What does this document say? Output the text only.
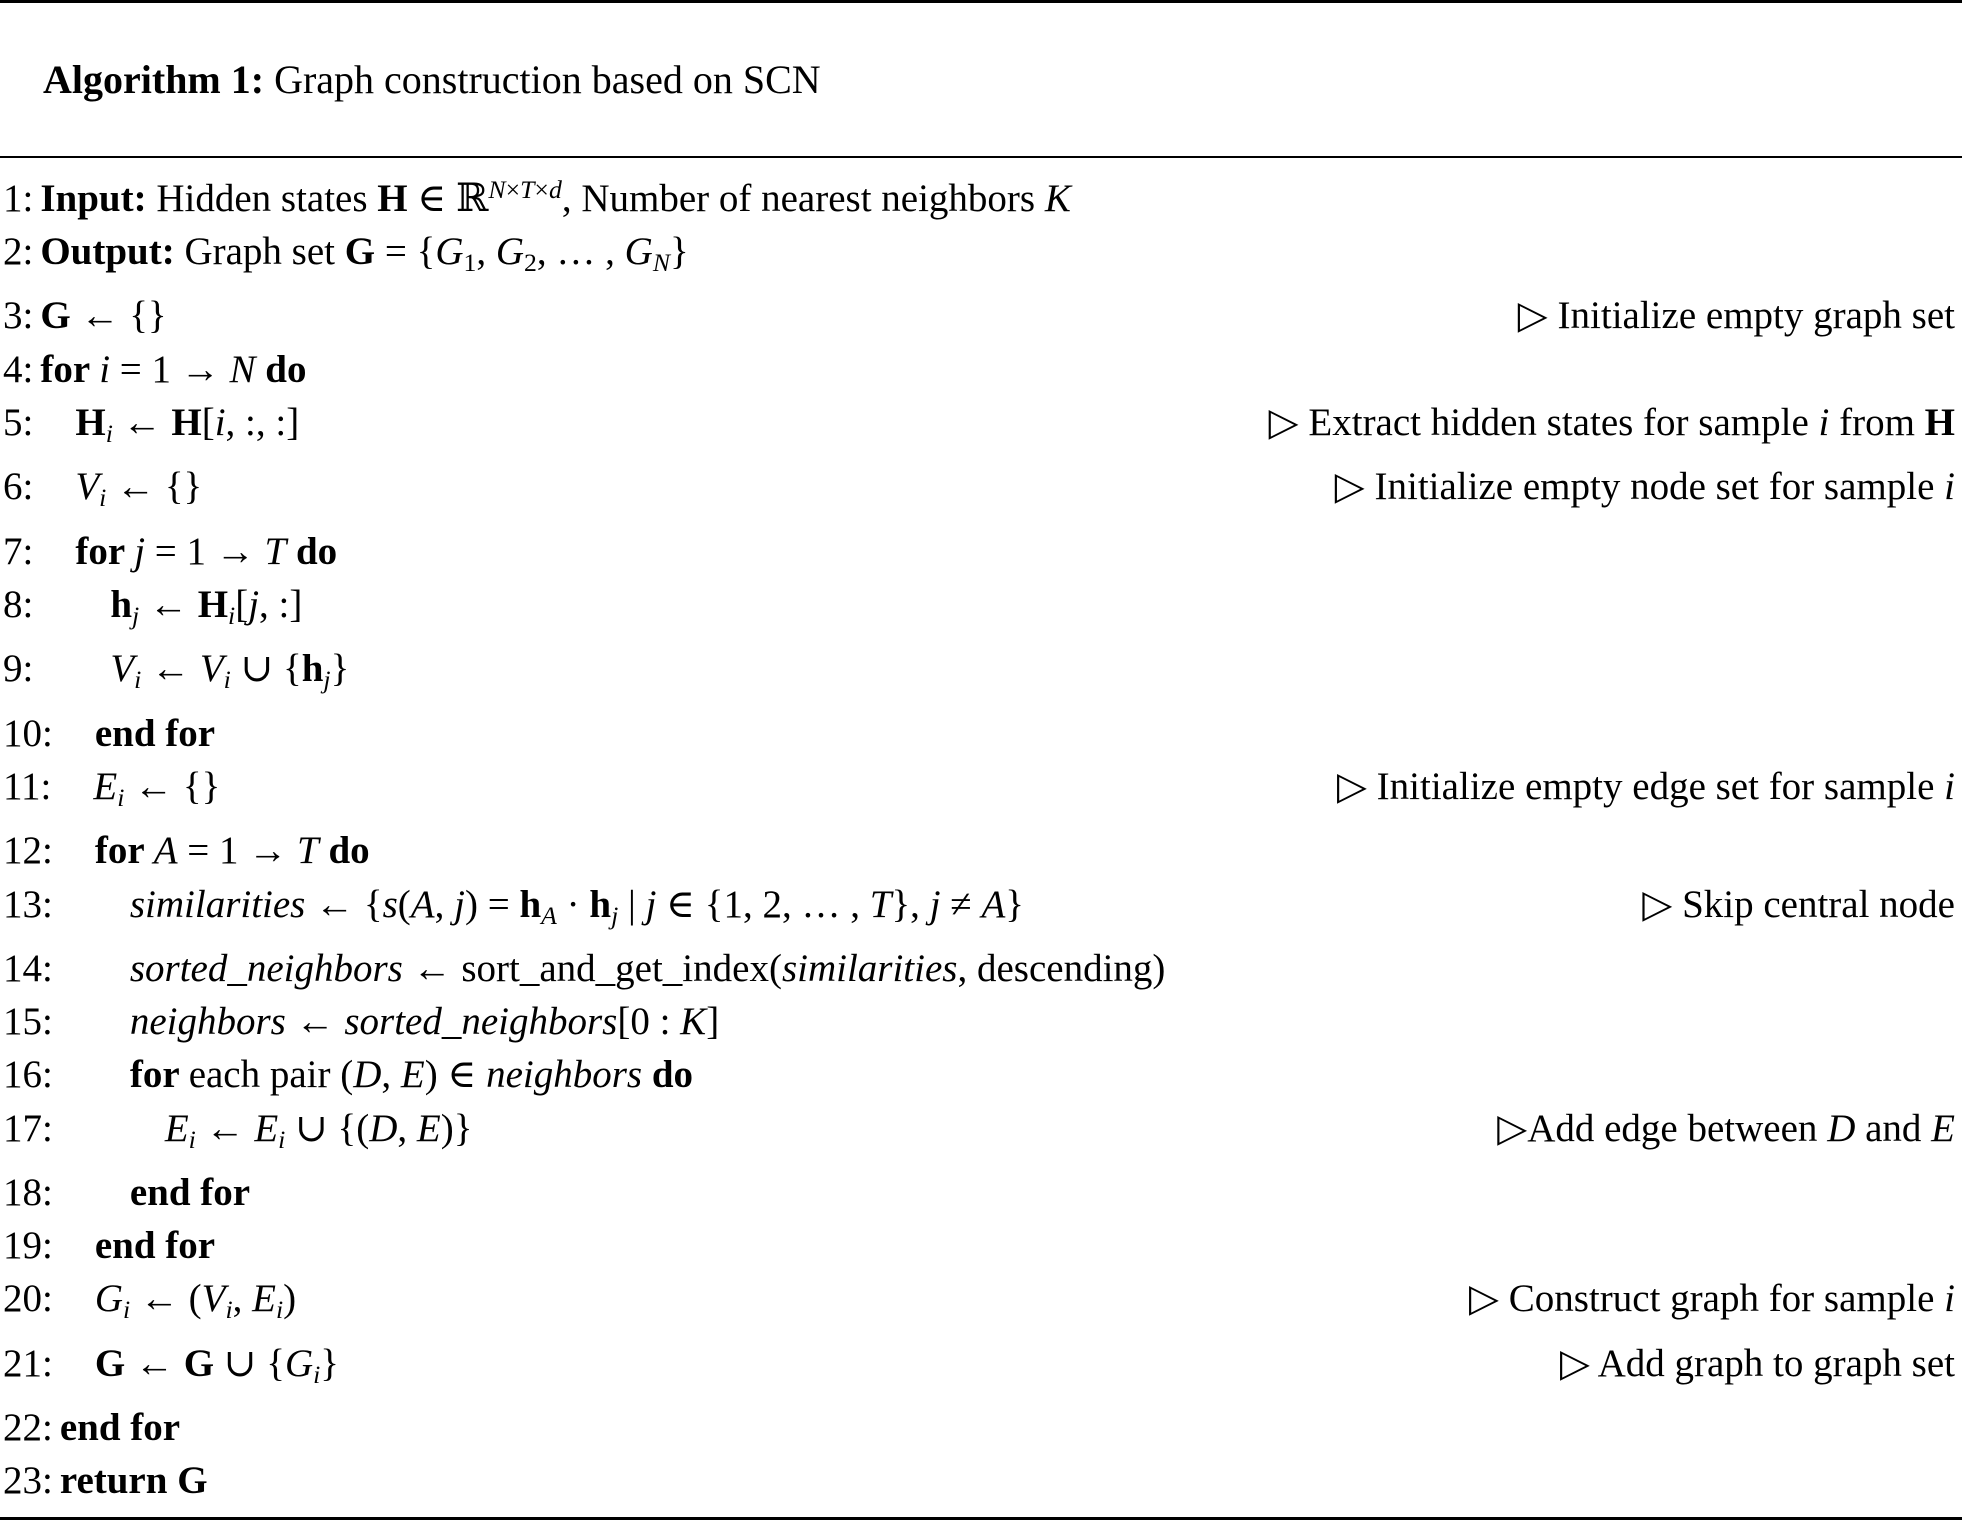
Algorithm 1: Graph construction based on SCN

1: Input: Hidden states H ∈ ℝ$^{N\times T\times d}$, Number of nearest neighbors K
2: Output: Graph set G = {G1, G2, … , GN}
3: G ← {}	▷ Initialize empty graph set
4: for i = 1 → N do
5: Hi ← H[i, :, :]	▷ Extract hidden states for sample i from H
6: Vi ← {}	▷ Initialize empty node set for sample i
7: for j = 1 → T do
8: hj ← Hi[j, :]
9: Vi ← Vi ∪ {hj}
10: end for
11: Ei ← {}	▷ Initialize empty edge set for sample i
12: for A = 1 → T do
13: similarities ← {s(A, j) = hA · hj | j ∈ {1, 2, … , T}, j ≠ A}	▷ Skip central node
14: sorted_neighbors ← sort_and_get_index(similarities, descending)
15: neighbors ← sorted_neighbors[0 : K]
16: for each pair (D, E) ∈ neighbors do
17:	Ei ← Ei ∪ {(D, E)}	▷Add edge between D and E
18: end for
19: end for
20: Gi ← (Vi, Ei)	▷ Construct graph for sample i
21: G ← G ∪ {Gi}	▷ Add graph to graph set
22: end for
23: return G
